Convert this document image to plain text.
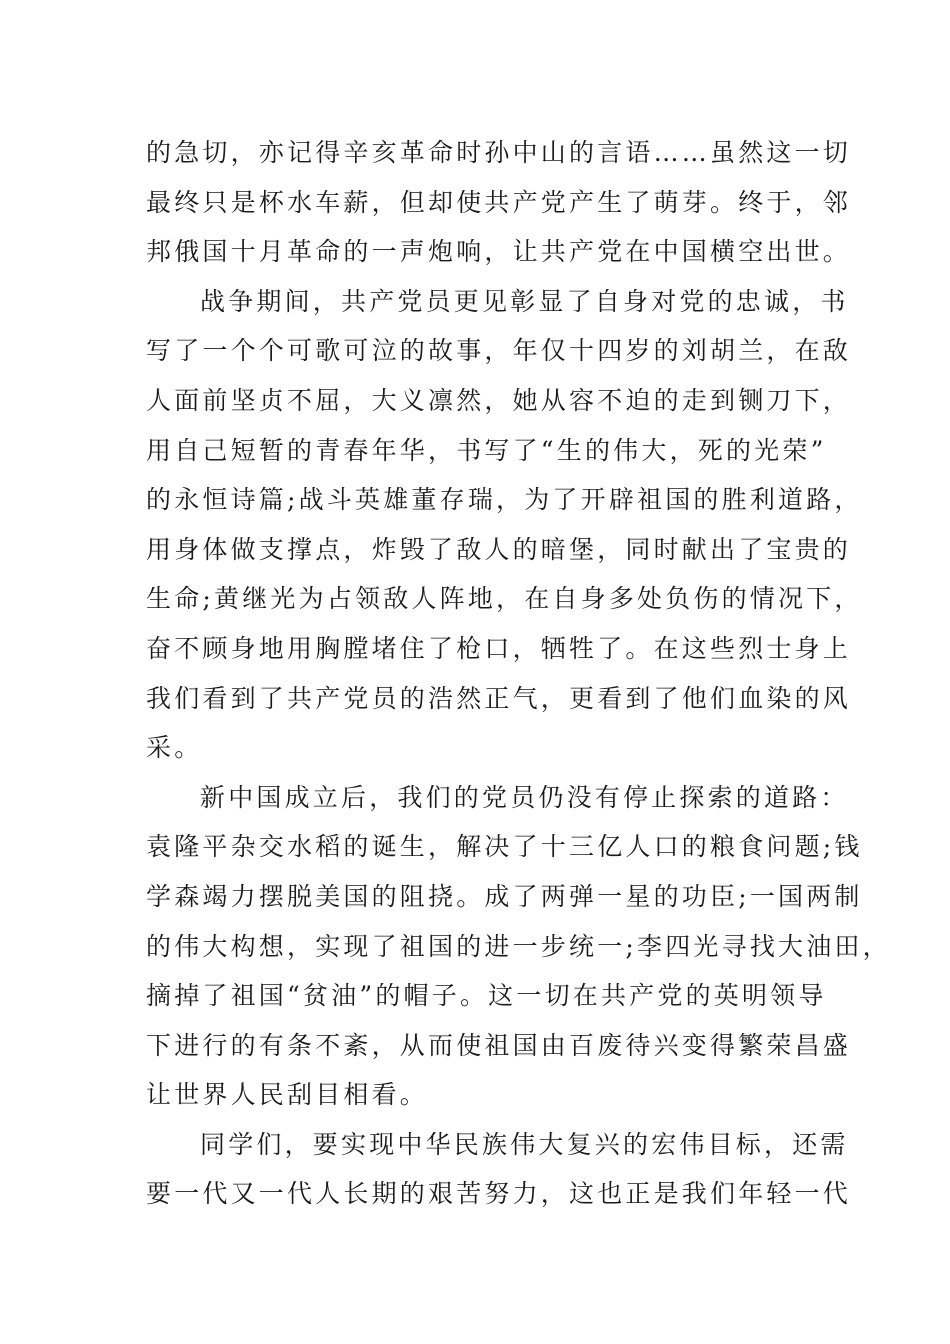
的急切，亦记得辛亥革命时孙中山的言语……虽然这一切
最终只是杯水车薪，但却使共产党产生了萌芽。终于，邻
邦俄国十月革命的一声炮响，让共产党在中国横空出世。
战争期间，共产党员更见彰显了自身对党的忠诚，书
写了一个个可歌可泣的故事，年仅十四岁的刘胡兰，在敌
人面前坚贞不屈，大义凛然，她从容不迫的走到铡刀下，
用自己短暂的青春年华，书写了“生的伟大，死的光荣”
的永恒诗篇;战斗英雄董存瑞，为了开辟祖国的胜利道路，
用身体做支撑点，炸毁了敌人的暗堡，同时献出了宝贵的
生命;黄继光为占领敌人阵地，在自身多处负伤的情况下，
奋不顾身地用胸膛堵住了枪口，牺牲了。在这些烈士身上
我们看到了共产党员的浩然正气，更看到了他们血染的风
采。
新中国成立后，我们的党员仍没有停止探索的道路：
袁隆平杂交水稻的诞生，解决了十三亿人口的粮食问题;钱
学森竭力摆脱美国的阻挠。成了两弹一星的功臣;一国两制
的伟大构想，实现了祖国的进一步统一;李四光寻找大油田，
摘掉了祖国“贫油”的帽子。这一切在共产党的英明领导
下进行的有条不紊，从而使祖国由百废待兴变得繁荣昌盛
让世界人民刮目相看。
同学们，要实现中华民族伟大复兴的宏伟目标，还需
要一代又一代人长期的艰苦努力，这也正是我们年轻一代
